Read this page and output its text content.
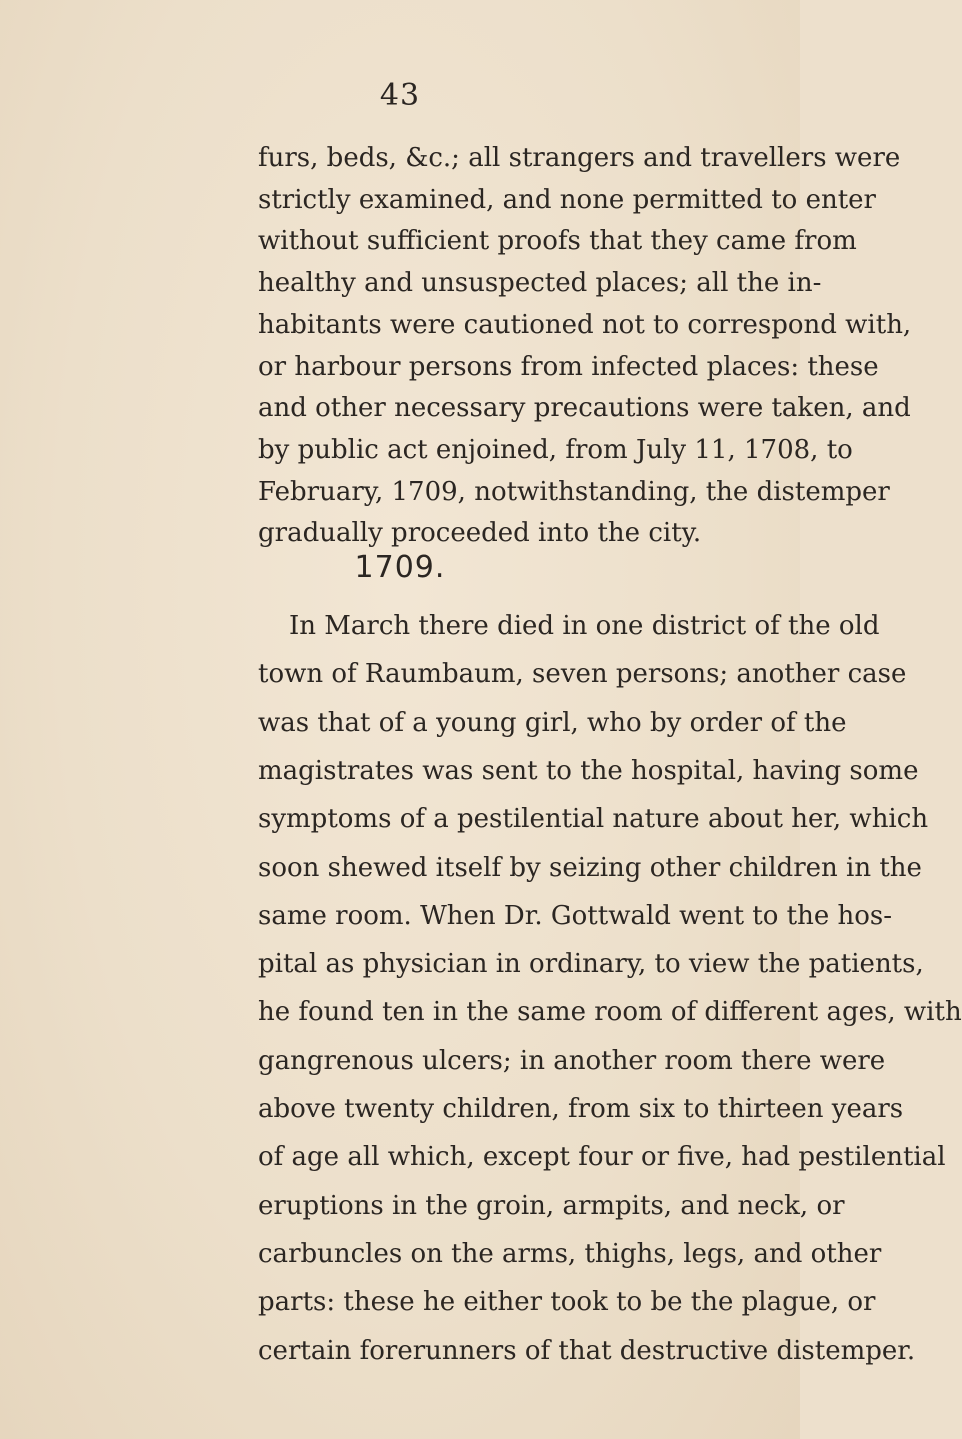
43
furs, beds, &c.; all strangers and travellers were
strictly examined, and none permitted to enter
without sufficient proofs that they came from
healthy and unsuspected places; all the in-
habitants were cautioned not to correspond with,
or harbour persons from infected places: these
and other necessary precautions were taken, and
by public act enjoined, from July 11, 1708, to
February, 1709, notwithstanding, the distemper
gradually proceeded into the city.
1709.
In March there died in one district of the old
town of Raumbaum, seven persons; another case
was that of a young girl, who by order of the
magistrates was sent to the hospital, having some
symptoms of a pestilential nature about her, which
soon shewed itself by seizing other children in the
same room. When Dr. Gottwald went to the hos-
pital as physician in ordinary, to view the patients,
he found ten in the same room of different ages, with
gangrenous ulcers; in another room there were
above twenty children, from six to thirteen years
of age all which, except four or five, had pestilential
eruptions in the groin, armpits, and neck, or
carbuncles on the arms, thighs, legs, and other
parts: these he either took to be the plague, or
certain forerunners of that destructive distemper.
